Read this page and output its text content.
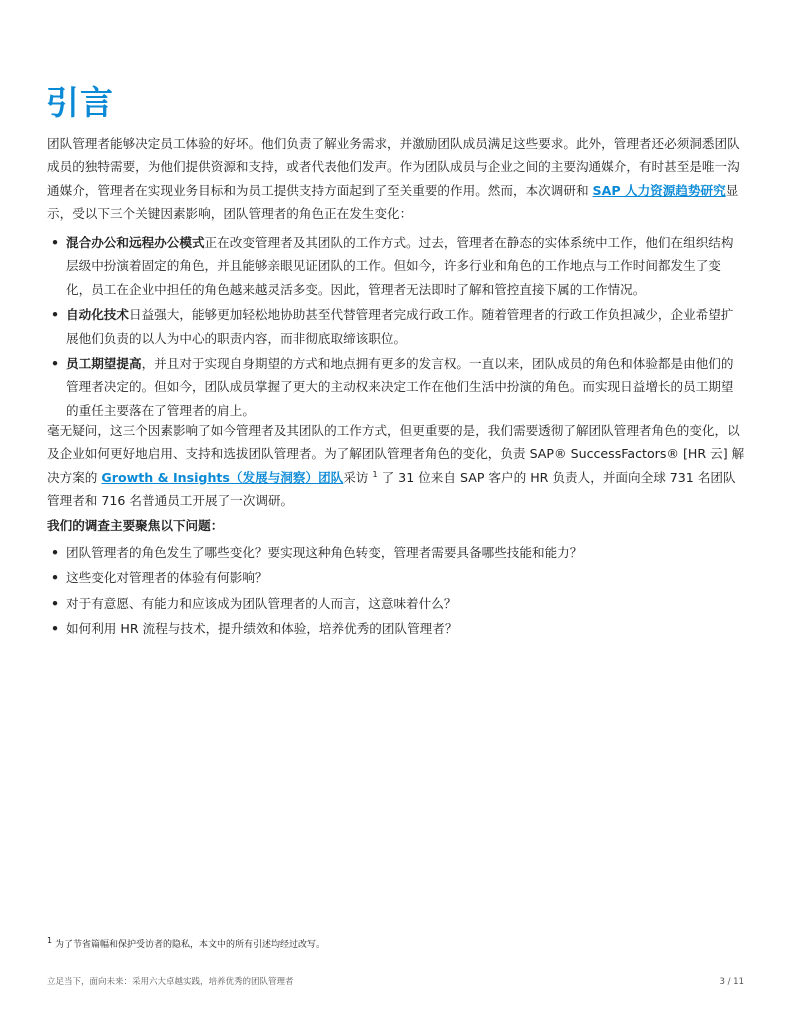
引言

团队管理者能够决定员工体验的好坏。他们负责了解业务需求，并激励团队成员满足这些要求。此外，管理者还必须洞悉团队成员的独特需要，为他们提供资源和支持，或者代表他们发声。作为团队成员与企业之间的主要沟通媒介，有时甚至是唯一沟通媒介，管理者在实现业务目标和为员工提供支持方面起到了至关重要的作用。然而，本次调研和 SAP 人力资源趋势研究显示，受以下三个关键因素影响，团队管理者的角色正在发生变化：

• 混合办公和远程办公模式正在改变管理者及其团队的工作方式。过去，管理者在静态的实体系统中工作，他们在组织结构层级中扮演着固定的角色，并且能够亲眼见证团队的工作。但如今，许多行业和角色的工作地点与工作时间都发生了变化，员工在企业中担任的角色越来越灵活多变。因此，管理者无法即时了解和管控直接下属的工作情况。
• 自动化技术日益强大，能够更加轻松地协助甚至代替管理者完成行政工作。随着管理者的行政工作负担减少，企业希望扩展他们负责的以人为中心的职责内容，而非彻底取缔该职位。
• 员工期望提高，并且对于实现自身期望的方式和地点拥有更多的发言权。一直以来，团队成员的角色和体验都是由他们的管理者决定的。但如今，团队成员掌握了更大的主动权来决定工作在他们生活中扮演的角色。而实现日益增长的员工期望的重任主要落在了管理者的肩上。

毫无疑问，这三个因素影响了如今管理者及其团队的工作方式，但更重要的是，我们需要透彻了解团队管理者角色的变化，以及企业如何更好地启用、支持和选拔团队管理者。为了解团队管理者角色的变化，负责 SAP® SuccessFactors® [HR 云] 解决方案的 Growth & Insights（发展与洞察）团队采访 $^1$ 了 31 位来自 SAP 客户的 HR 负责人，并面向全球 731 名团队管理者和 716 名普通员工开展了一次调研。

我们的调查主要聚焦以下问题：

• 团队管理者的角色发生了哪些变化？要实现这种角色转变，管理者需要具备哪些技能和能力？
• 这些变化对管理者的体验有何影响？
• 对于有意愿、有能力和应该成为团队管理者的人而言，这意味着什么？
• 如何利用 HR 流程与技术，提升绩效和体验，培养优秀的团队管理者？
$^1$ 为了节省篇幅和保护受访者的隐私，本文中的所有引述均经过改写。
立足当下，面向未来：采用六大卓越实践，培养优秀的团队管理者	3 / 11
